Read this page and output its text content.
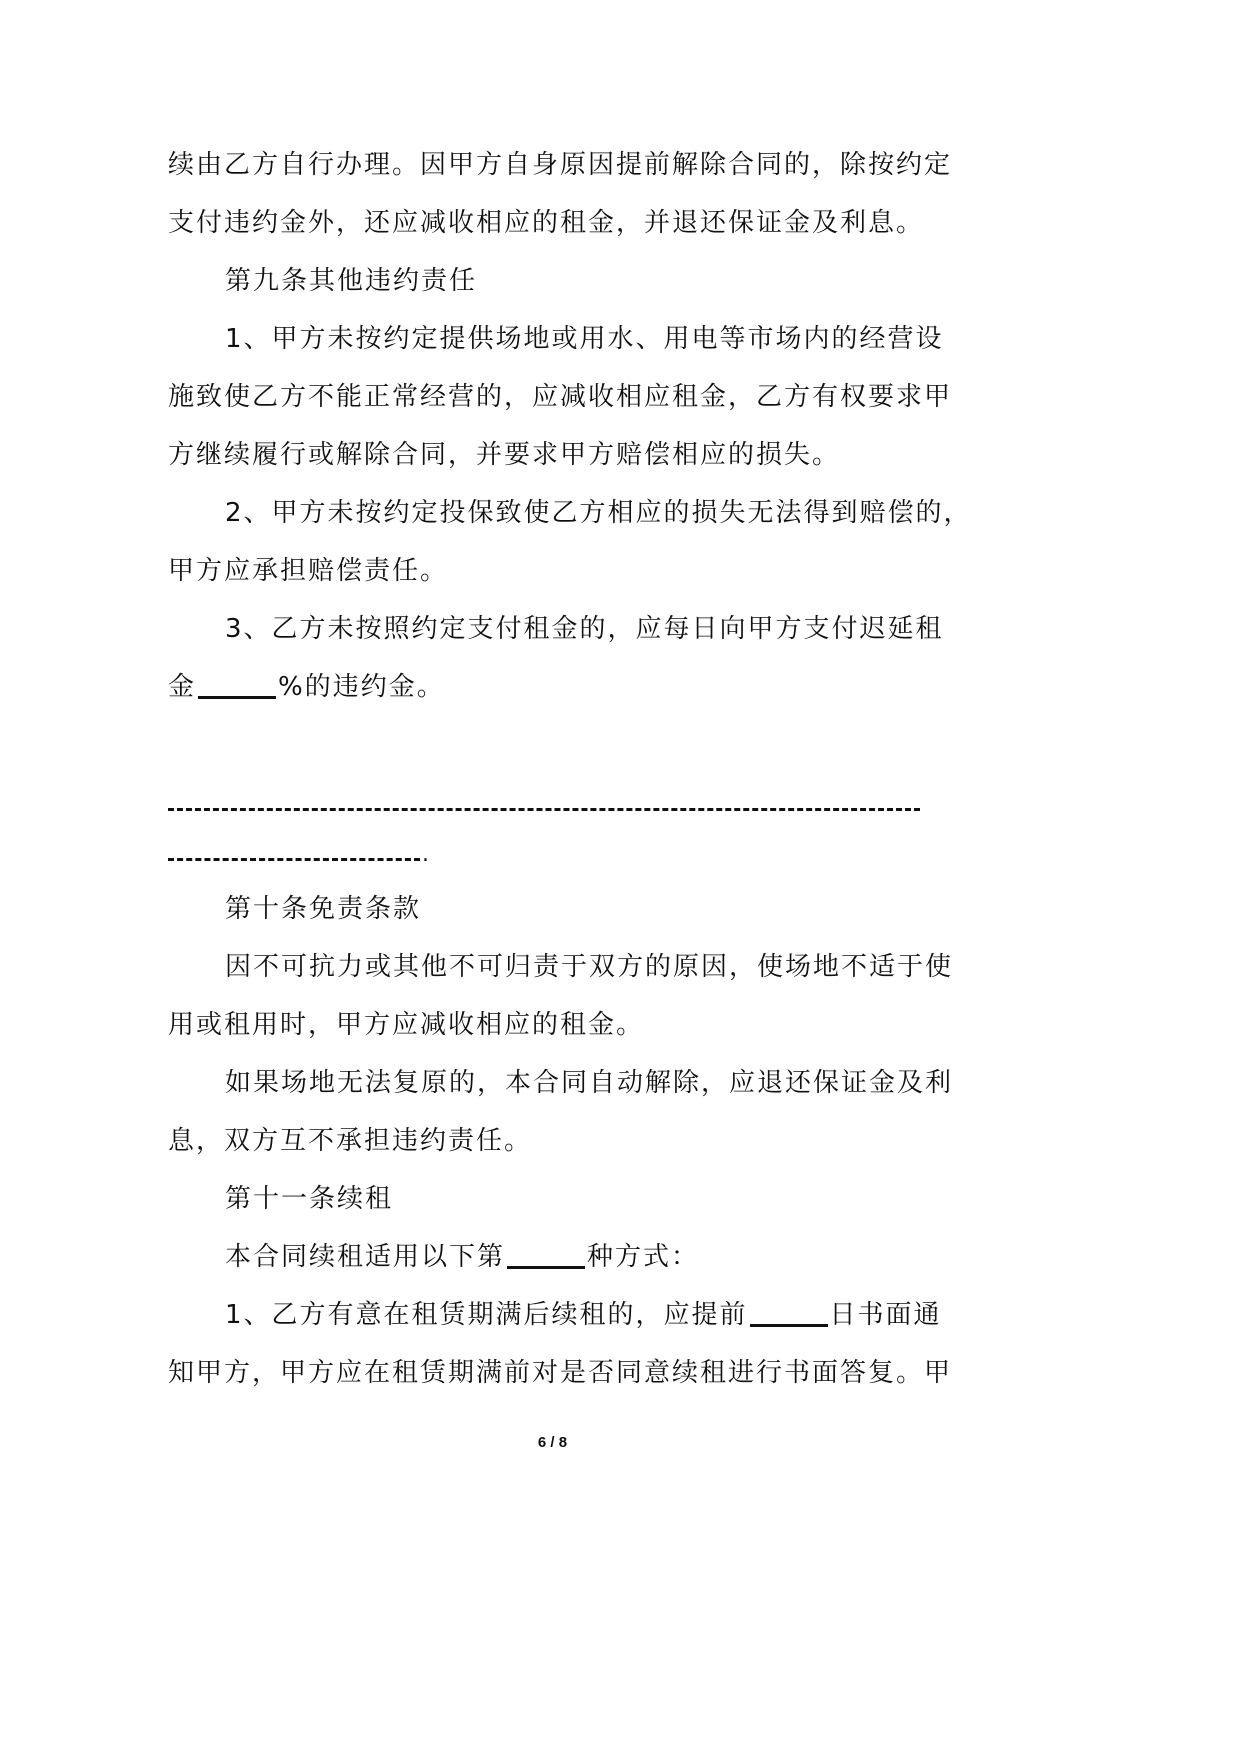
续由乙方自行办理。因甲方自身原因提前解除合同的，除按约定
支付违约金外，还应减收相应的租金，并退还保证金及利息。
第九条其他违约责任
1、甲方未按约定提供场地或用水、用电等市场内的经营设
施致使乙方不能正常经营的，应减收相应租金，乙方有权要求甲
方继续履行或解除合同，并要求甲方赔偿相应的损失。
2、甲方未按约定投保致使乙方相应的损失无法得到赔偿的，
甲方应承担赔偿责任。
3、乙方未按照约定支付租金的，应每日向甲方支付迟延租
金	%的违约金。
.
第十条免责条款
因不可抗力或其他不可归责于双方的原因，使场地不适于使
用或租用时，甲方应减收相应的租金。
如果场地无法复原的，本合同自动解除，应退还保证金及利
息，双方互不承担违约责任。
第十一条续租
本合同续租适用以下第	种方式：
1、乙方有意在租赁期满后续租的，应提前	日书面通
知甲方，甲方应在租赁期满前对是否同意续租进行书面答复。甲
6 / 8
